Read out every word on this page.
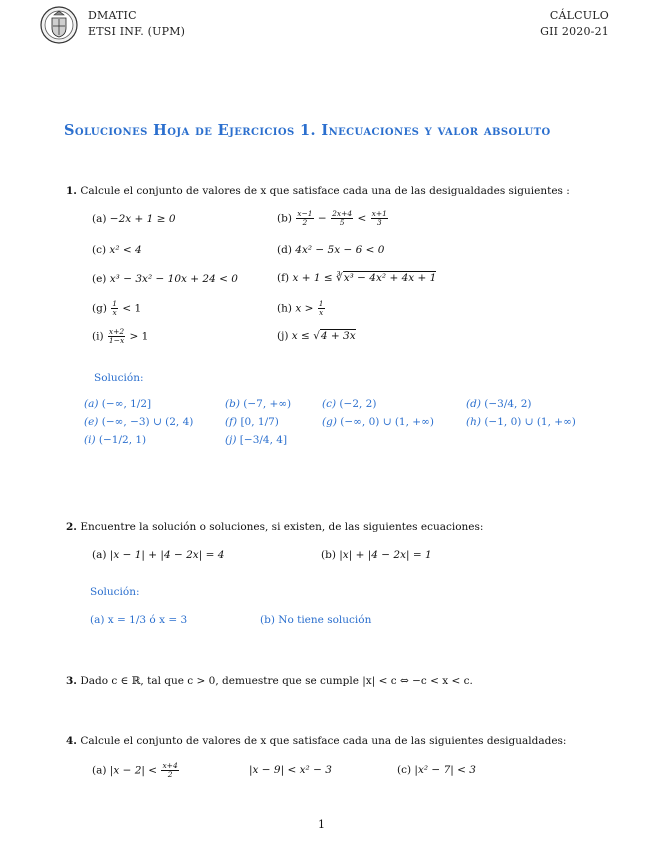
DMATIC
ETSI INF. (UPM)
CÁLCULO
GII 2020-21
Soluciones Hoja de Ejercicios 1. Inecuaciones y valor absoluto
1. Calcule el conjunto de valores de x que satisface cada una de las desigualdades siguientes :
(a) −2x + 1 ≥ 0	$(b) \frac{x-1}{2} - \frac{2x+4}{5} < \frac{x+1}{3}$
(c) x² < 4	(d) 4x² − 5x − 6 < 0
(e) x³ − 3x² − 10x + 24 < 0	(f) x + 1 ≤ ∛x³ − 4x² + 4x + 1
$(g) \frac{1}{x} < 1$	(h) $x > \frac{1}{x}$
$(i) \frac{x+2}{1-x} > 1$	(j) x ≤ √4 + 3x
Solución:
(a) (−∞, 1/2]	(b) (−7, +∞)	(c) (−2, 2)	(d) (−3/4, 2)
(e) (−∞, −3) ∪ (2, 4)	(f) [0, 1/7)	(g) (−∞, 0) ∪ (1, +∞)	(h) (−1, 0) ∪ (1, +∞)
(i) (−1/2, 1)	(j) [−3/4, 4]
2. Encuentre la solución o soluciones, si existen, de las siguientes ecuaciones:
(a) |x − 1| + |4 − 2x| = 4	(b) |x| + |4 − 2x| = 1
Solución:
(a) x = 1/3 ó x = 3	(b) No tiene solución
3. Dado c ∈ ℝ, tal que c > 0, demuestre que se cumple |x| < c ⇔ −c < x < c.
4. Calcule el conjunto de valores de x que satisface cada una de las siguientes desigualdades:
(a) $|x - 2| < \frac{x+4}{2}$	|x − 9| < x² − 3	(c) |x² − 7| < 3
1
